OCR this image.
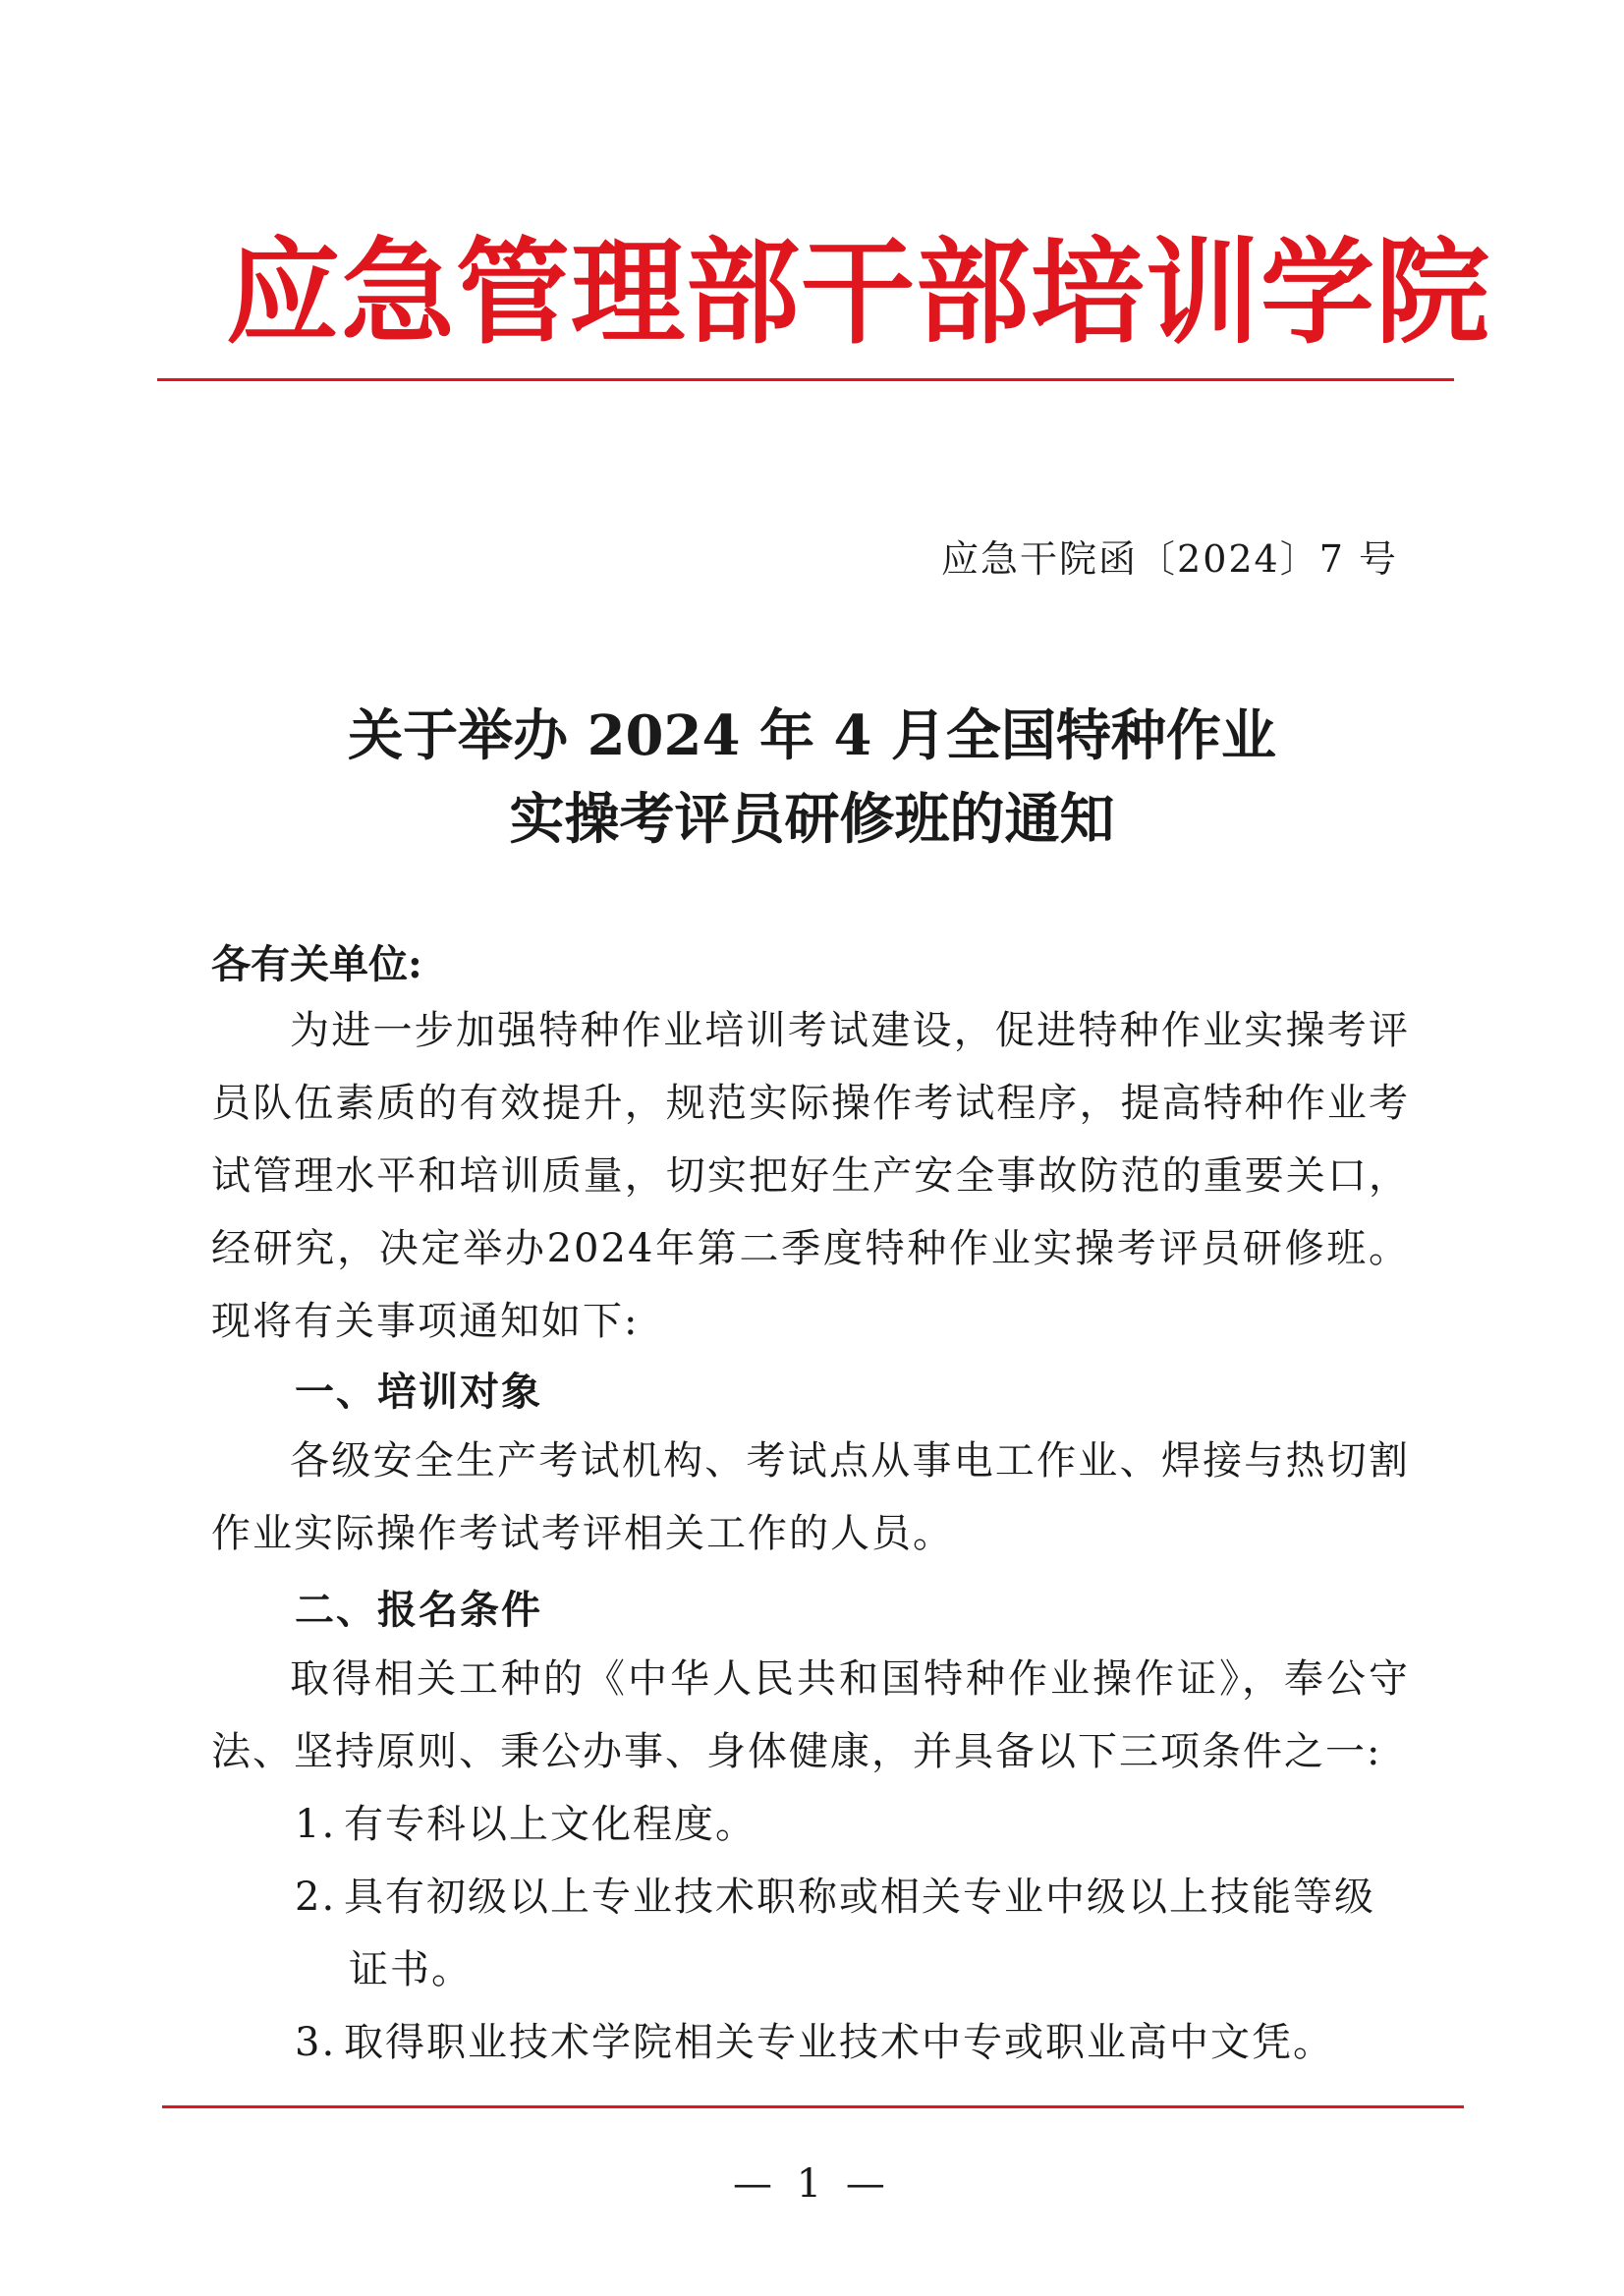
应急管理部干部培训学院
应急干院函〔2024〕7 号
关于举办 2024 年 4 月全国特种作业
实操考评员研修班的通知
各有关单位:
为进一步加强特种作业培训考试建设，促进特种作业实操考评员队伍素质的有效提升，规范实际操作考试程序，提高特种作业考试管理水平和培训质量，切实把好生产安全事故防范的重要关口，经研究，决定举办2024年第二季度特种作业实操考评员研修班。现将有关事项通知如下:
一、培训对象
各级安全生产考试机构、考试点从事电工作业、焊接与热切割作业实际操作考试考评相关工作的人员。
二、报名条件
取得相关工种的《中华人民共和国特种作业操作证》，奉公守法、坚持原则、秉公办事、身体健康，并具备以下三项条件之一:
1. 有专科以上文化程度。
2. 具有初级以上专业技术职称或相关专业中级以上技能等级
证书。
3. 取得职业技术学院相关专业技术中专或职业高中文凭。
— 1 —
